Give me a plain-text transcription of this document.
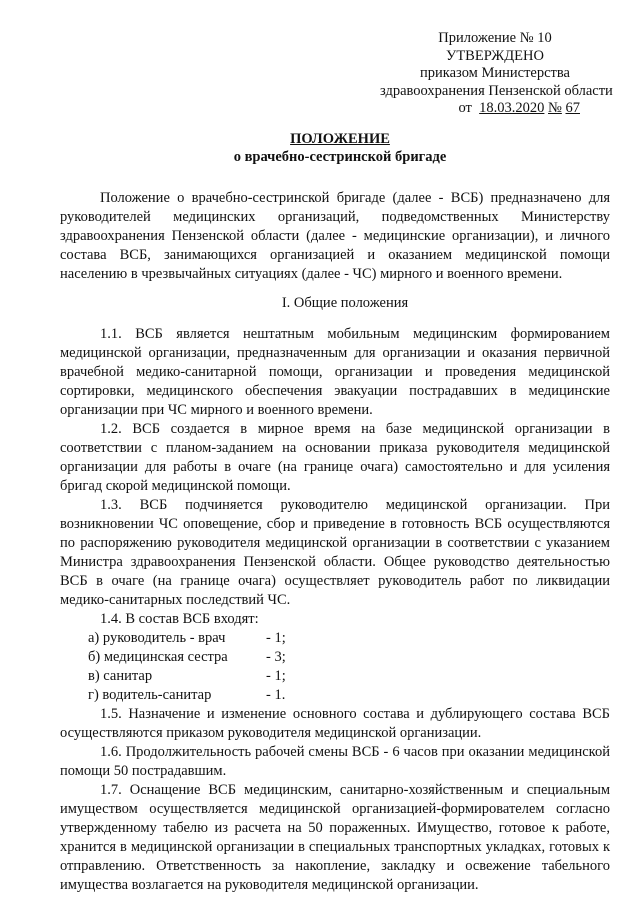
Приложение № 10
УТВЕРЖДЕНО
приказом Министерства
здравоохранения Пензенской области
от 18.03.2020 № 67
ПОЛОЖЕНИЕ
о врачебно-сестринской бригаде

Положение о врачебно-сестринской бригаде (далее - ВСБ) предназначено для руководителей медицинских организаций, подведомственных Министерству здравоохранения Пензенской области (далее - медицинские организации), и личного состава ВСБ, занимающихся организацией и оказанием медицинской помощи населению в чрезвычайных ситуациях (далее - ЧС) мирного и военного времени.

I. Общие положения

1.1. ВСБ является нештатным мобильным медицинским формированием медицинской организации, предназначенным для организации и оказания первичной врачебной медико-санитарной помощи, организации и проведения медицинской сортировки, медицинского обеспечения эвакуации пострадавших в медицинские организации при ЧС мирного и военного времени.

1.2. ВСБ создается в мирное время на базе медицинской организации в соответствии с планом-заданием на основании приказа руководителя медицинской организации для работы в очаге (на границе очага) самостоятельно и для усиления бригад скорой медицинской помощи.

1.3. ВСБ подчиняется руководителю медицинской организации. При возникновении ЧС оповещение, сбор и приведение в готовность ВСБ осуществляются по распоряжению руководителя медицинской организации в соответствии с указанием Министра здравоохранения Пензенской области. Общее руководство деятельностью ВСБ в очаге (на границе очага) осуществляет руководитель работ по ликвидации медико-санитарных последствий ЧС.

1.4. В состав ВСБ входят:

а) руководитель - врач	- 1;
б) медицинская сестра	- 3;
в) санитар	- 1;
г) водитель-санитар	- 1.

1.5. Назначение и изменение основного состава и дублирующего состава ВСБ осуществляются приказом руководителя медицинской организации.

1.6. Продолжительность рабочей смены ВСБ - 6 часов при оказании медицинской помощи 50 пострадавшим.

1.7. Оснащение ВСБ медицинским, санитарно-хозяйственным и специальным имуществом осуществляется медицинской организацией-формирователем согласно утвержденному табелю из расчета на 50 пораженных. Имущество, готовое к работе, хранится в медицинской организации в специальных транспортных укладках, готовых к отправлению. Ответственность за накопление, закладку и освежение табельного имущества возлагается на руководителя медицинской организации.
